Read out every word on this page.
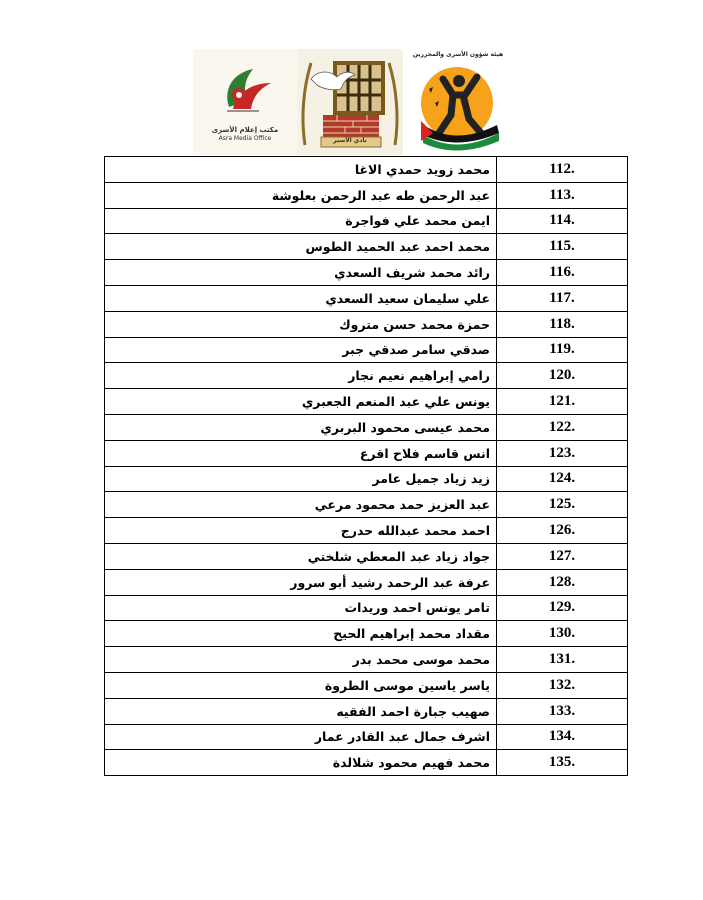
مكتب إعلام الأسرى
Asra Media Office	نادي الأسير
هيئة شؤون الأسرى والمحررين
محمد زويد حمدي الاغا	112.
عبد الرحمن طه عبد الرحمن بعلوشة	113.
ايمن محمد علي فواجرة	114.
محمد احمد عبد الحميد الطوس	115.
رائد محمد شريف السعدي	116.
علي سليمان سعيد السعدي	117.
حمزة محمد حسن متروك	118.
صدقي سامر صدقي جبر	119.
رامي إبراهيم نعيم نجار	120.
يونس علي عبد المنعم الجعبري	121.
محمد عيسى محمود البربري	122.
انس قاسم فلاح اقرع	123.
زيد زياد جميل عامر	124.
عبد العزيز حمد محمود مرعي	125.
احمد محمد عبدالله حدرج	126.
جواد زياد عبد المعطي شلختي	127.
عرفة عبد الرحمد رشيد أبو سرور	128.
تامر يونس احمد وريدات	129.
مقداد محمد إبراهيم الحيح	130.
محمد موسى محمد بدر	131.
ياسر ياسين موسى الطروة	132.
صهيب جبارة احمد الفقيه	133.
اشرف جمال عبد القادر عمار	134.
محمد فهيم محمود شلالدة	135.
